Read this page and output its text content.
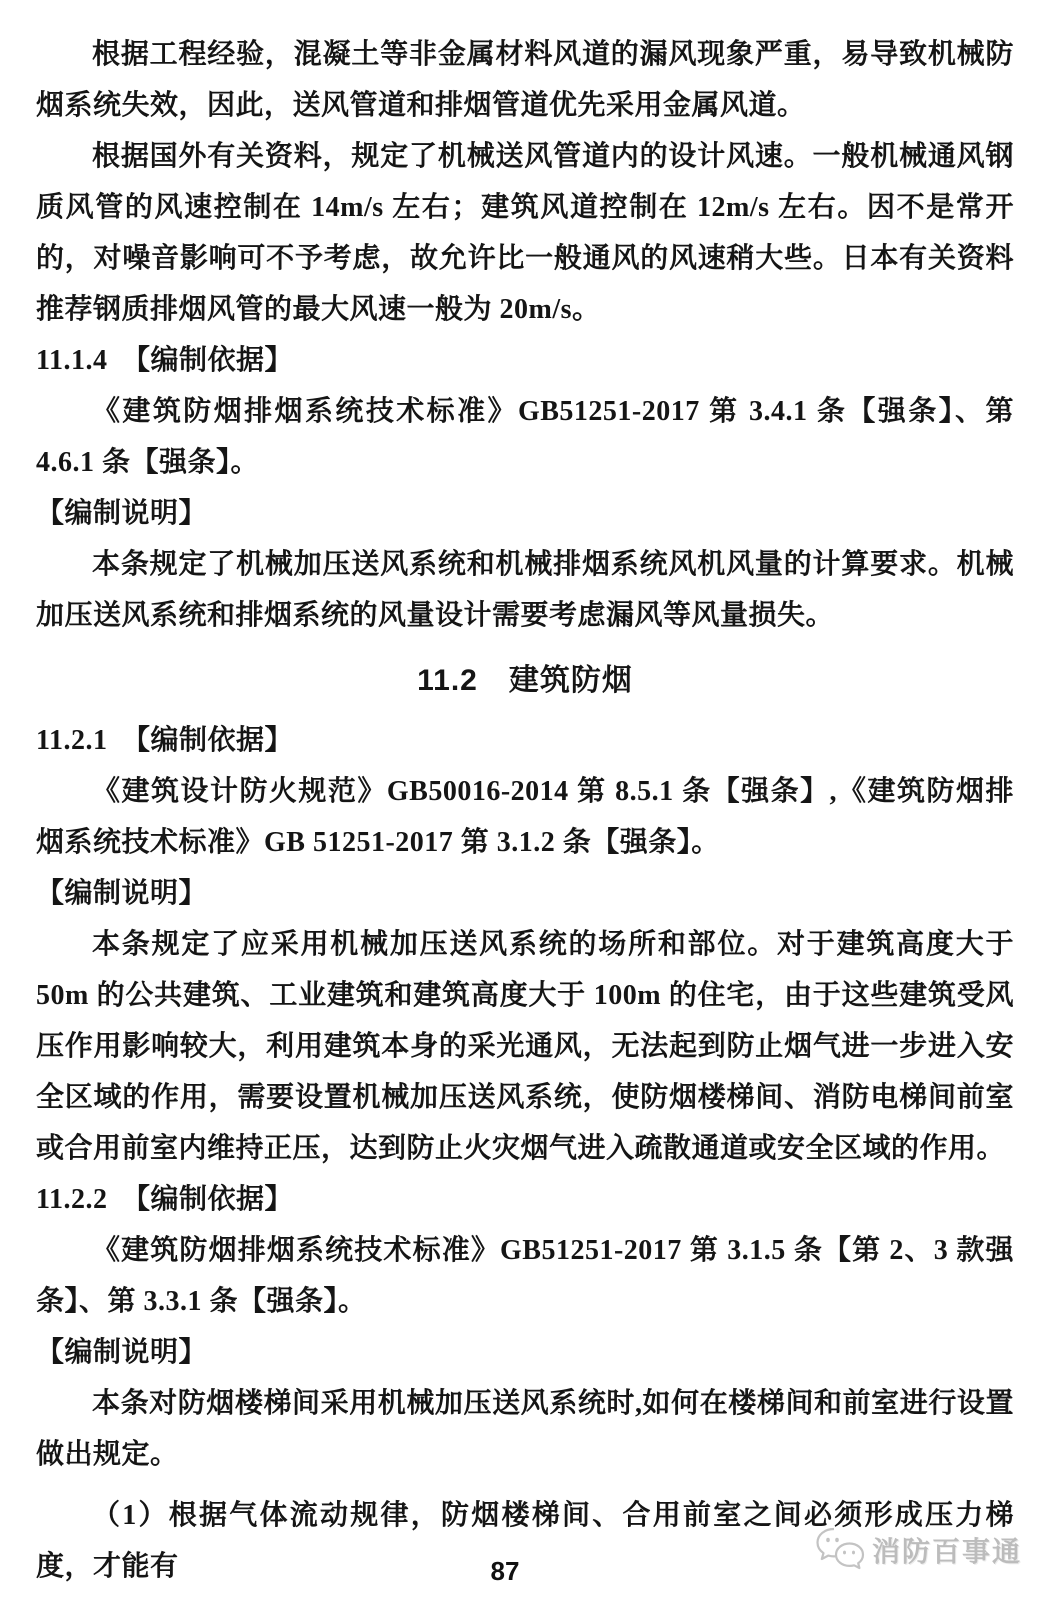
根据工程经验，混凝土等非金属材料风道的漏风现象严重，易导致机械防烟系统失效，因此，送风管道和排烟管道优先采用金属风道。

根据国外有关资料，规定了机械送风管道内的设计风速。一般机械通风钢质风管的风速控制在 14m/s 左右；建筑风道控制在 12m/s 左右。因不是常开的，对噪音影响可不予考虑，故允许比一般通风的风速稍大些。日本有关资料推荐钢质排烟风管的最大风速一般为 20m/s。

11.1.4　【编制依据】

《建筑防烟排烟系统技术标准》GB51251-2017 第 3.4.1 条【强条】、第 4.6.1 条【强条】。

【编制说明】

本条规定了机械加压送风系统和机械排烟系统风机风量的计算要求。机械加压送风系统和排烟系统的风量设计需要考虑漏风等风量损失。

11.2　建筑防烟

11.2.1　【编制依据】

《建筑设计防火规范》GB50016-2014 第 8.5.1 条【强条】,《建筑防烟排烟系统技术标准》GB 51251-2017 第 3.1.2 条【强条】。

【编制说明】

本条规定了应采用机械加压送风系统的场所和部位。对于建筑高度大于 50m 的公共建筑、工业建筑和建筑高度大于 100m 的住宅，由于这些建筑受风压作用影响较大，利用建筑本身的采光通风，无法起到防止烟气进一步进入安全区域的作用，需要设置机械加压送风系统，使防烟楼梯间、消防电梯间前室或合用前室内维持正压，达到防止火灾烟气进入疏散通道或安全区域的作用。

11.2.2　【编制依据】

《建筑防烟排烟系统技术标准》GB51251-2017 第 3.1.5 条【第 2、3 款强条】、第 3.3.1 条【强条】。

【编制说明】

本条对防烟楼梯间采用机械加压送风系统时,如何在楼梯间和前室进行设置做出规定。

（1）根据气体流动规律，防烟楼梯间、合用前室之间必须形成压力梯度，才能有	消防百事通
87
